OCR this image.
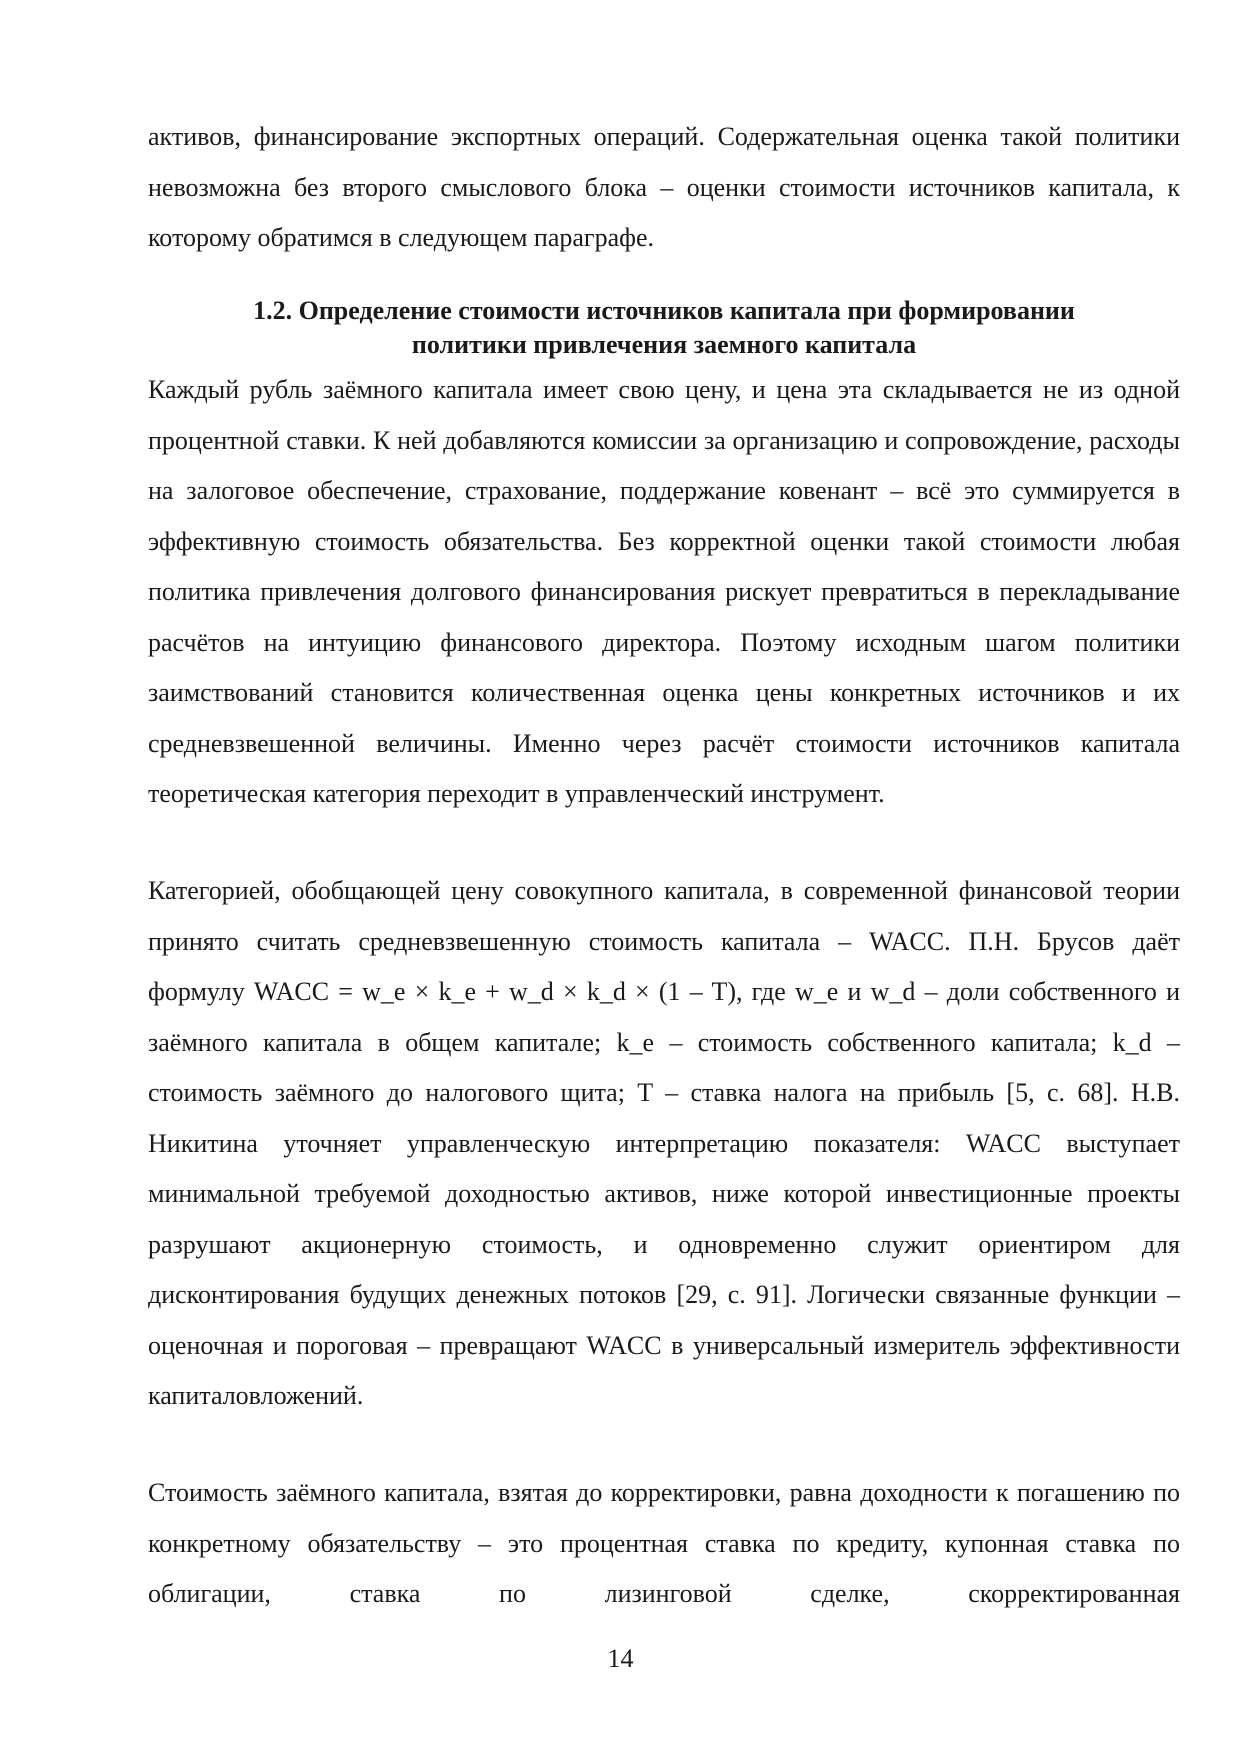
активов, финансирование экспортных операций. Содержательная оценка такой политики невозможна без второго смыслового блока – оценки стоимости источников капитала, к которому обратимся в следующем параграфе.

1.2. Определение стоимости источников капитала при формировании
политики привлечения заемного капитала

Каждый рубль заёмного капитала имеет свою цену, и цена эта складывается не из одной процентной ставки. К ней добавляются комиссии за организацию и сопровождение, расходы на залоговое обеспечение, страхование, поддержание ковенант – всё это суммируется в эффективную стоимость обязательства. Без корректной оценки такой стоимости любая политика привлечения долгового финансирования рискует превратиться в перекладывание расчётов на интуицию финансового директора. Поэтому исходным шагом политики заимствований становится количественная оценка цены конкретных источников и их средневзвешенной величины. Именно через расчёт стоимости источников капитала теоретическая категория переходит в управленческий инструмент.

Категорией, обобщающей цену совокупного капитала, в современной финансовой теории принято считать средневзвешенную стоимость капитала – WACC. П.Н. Брусов даёт формулу WACC = w_e × k_e + w_d × k_d × (1 – T), где w_e и w_d – доли собственного и заёмного капитала в общем капитале; k_e – стоимость собственного капитала; k_d – стоимость заёмного до налогового щита; T – ставка налога на прибыль [5, с. 68]. Н.В. Никитина уточняет управленческую интерпретацию показателя: WACC выступает минимальной требуемой доходностью активов, ниже которой инвестиционные проекты разрушают акционерную стоимость, и одновременно служит ориентиром для дисконтирования будущих денежных потоков [29, с. 91]. Логически связанные функции – оценочная и пороговая – превращают WACC в универсальный измеритель эффективности капиталовложений.

Стоимость заёмного капитала, взятая до корректировки, равна доходности к погашению по конкретному обязательству – это процентная ставка по кредиту, купонная ставка по облигации, ставка по лизинговой сделке, скорректированная

14
